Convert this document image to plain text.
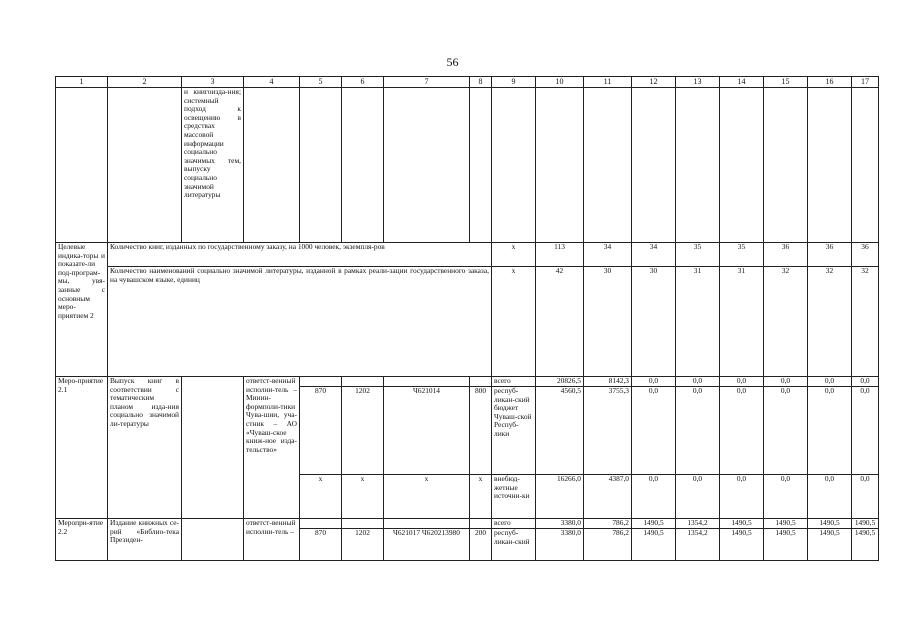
56
1	2	3	4	5	6	7	8	9	10	11	12	13	14	15	16	17
		и книгоизда-ния; системный подход к освещению в средствах массовой информации социально значимых тем, выпуску социально значимой литературы														
Целевые индика-торы и показате-ли под-програм-мы, увя-занные с основным меро-приятием 2	Количество книг, изданных по государственному заказу, на 1000 человек, экземпля-ров							х	113	34	34	35	35	36	36	36
	Количество наименований социально значимой литературы, изданной в рамках реали-зации государственного заказа, на чувашском языке, единиц							х	42	30	30	31	31	32	32	32
Меро-приятие 2.1	Выпуск книг в соответствии с тематическим планом изда-ния социально значимой ли-тературы		ответст-венный исполни-тель – Минин-формполи-тики Чува-шии, уча-стник – АО «Чуваш-ское книж-ное изда-тельство»					всего	20826,5	8142,3	0,0	0,0	0,0	0,0	0,0	0,0
				870	1202	Ч621014	800	респуб-ликан-ский бюджет Чуваш-ской Респуб-лики	4560,5	3755,3	0,0	0,0	0,0	0,0	0,0	0,0
				х	х	х	х	внебюд-жетные источни-ки	16266,0	4387,0	0,0	0,0	0,0	0,0	0,0	0,0
Меропри-ятие 2.2	Издание книжных се-рий «Библио-тека Президен-		ответст-венный исполни-тель –					всего	3380,0	786,2	1490,5	1354,2	1490,5	1490,5	1490,5	1490,5
				870	1202	Ч621017 Ч620213980	200	респуб-ликан-ский	3380,0	786,2	1490,5	1354,2	1490,5	1490,5	1490,5	1490,5
